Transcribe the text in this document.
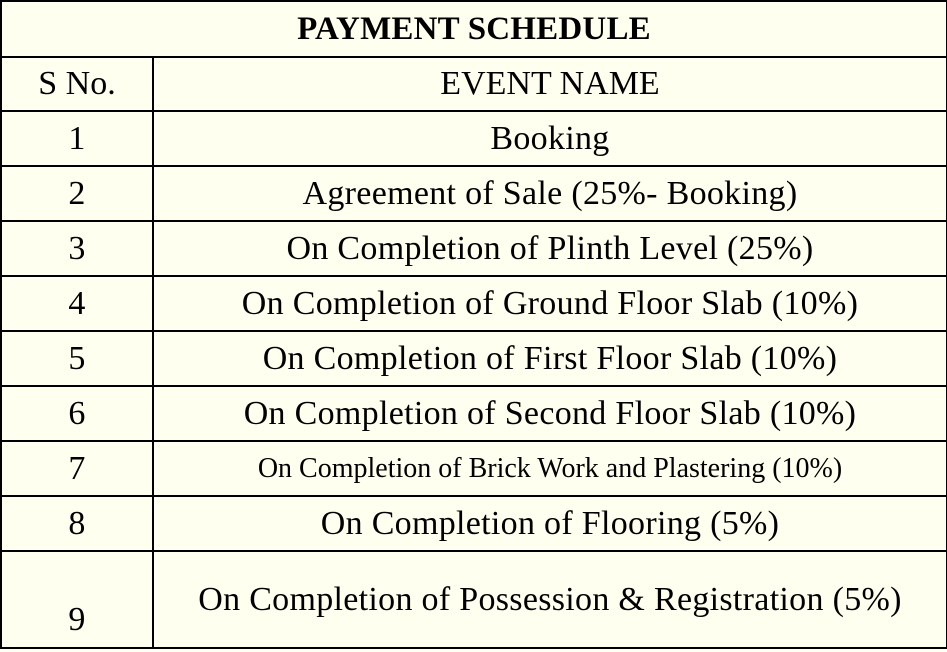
PAYMENT SCHEDULE	
S No.	EVENT NAME
1	Booking
2	Agreement of Sale (25%- Booking)
3	On Completion of Plinth Level (25%)
4	On Completion of Ground Floor Slab (10%)
5	On Completion of First Floor Slab (10%)
6	On Completion of Second Floor Slab (10%)
7	On Completion of Brick Work and Plastering (10%)
8	On Completion of Flooring (5%)
9	On Completion of Possession & Registration (5%)
